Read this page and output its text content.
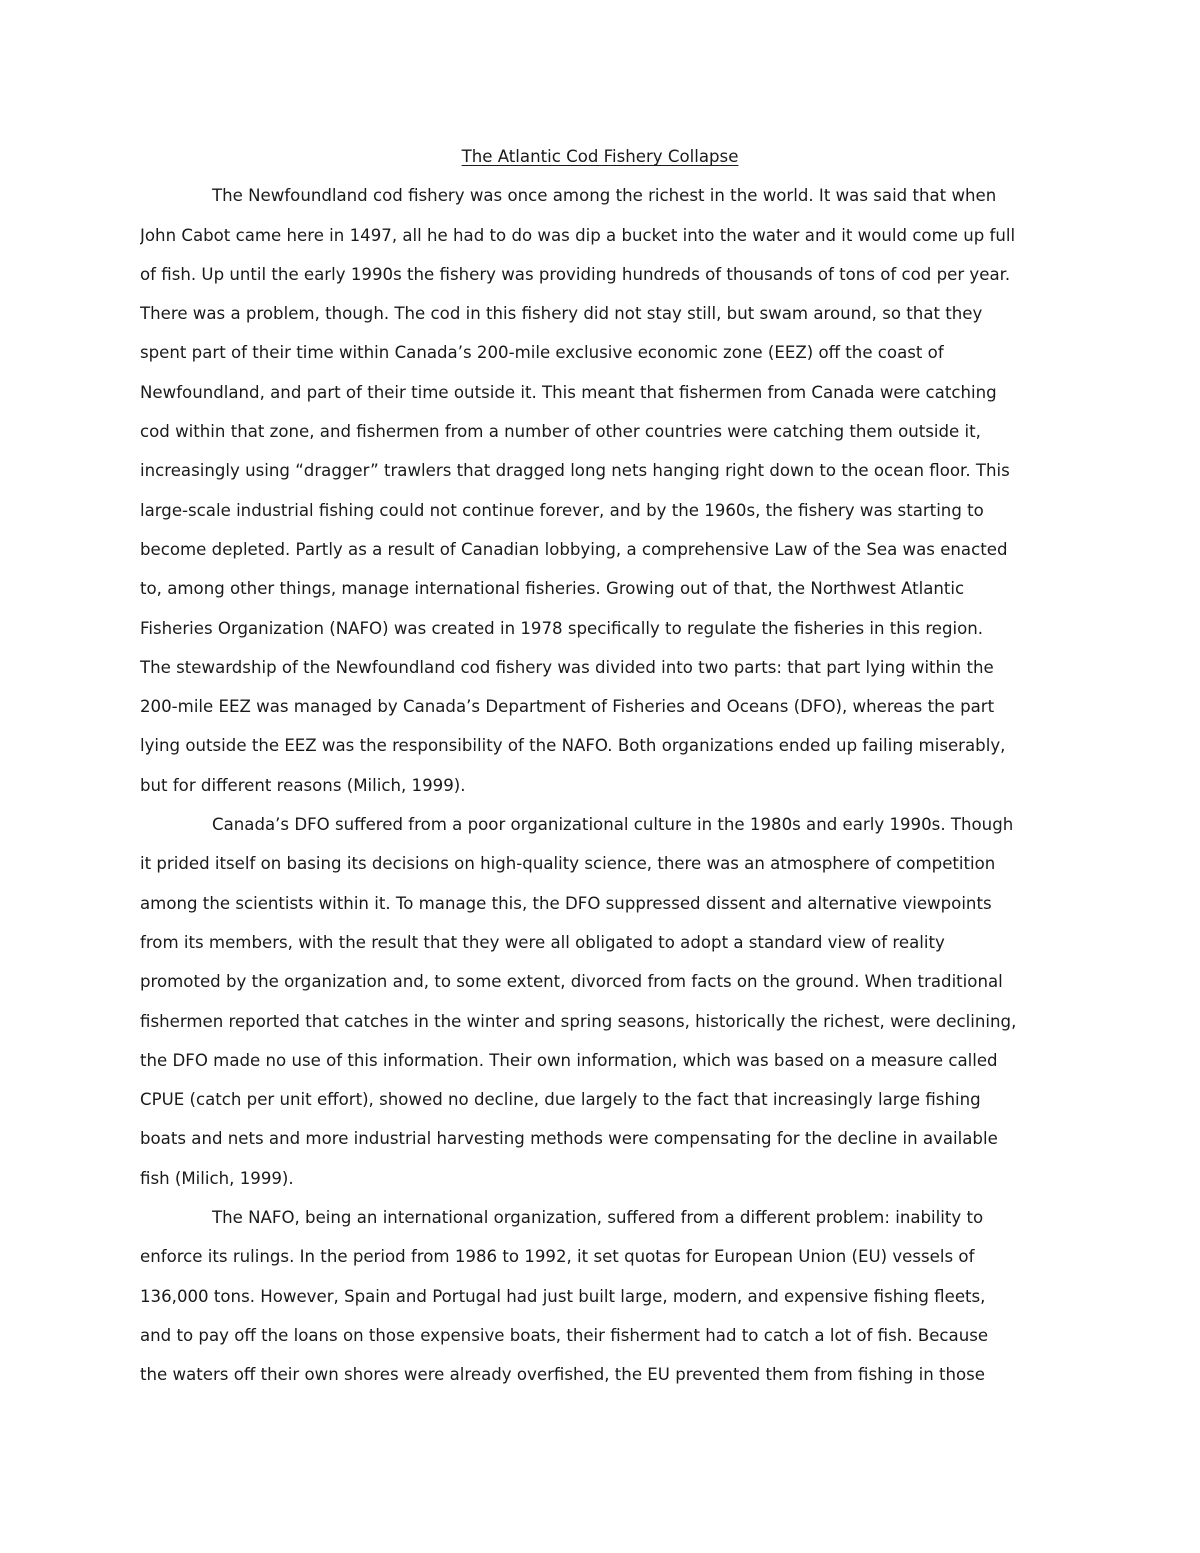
The Atlantic Cod Fishery Collapse
The Newfoundland cod fishery was once among the richest in the world. It was said that when
John Cabot came here in 1497, all he had to do was dip a bucket into the water and it would come up full
of fish. Up until the early 1990s the fishery was providing hundreds of thousands of tons of cod per year.
There was a problem, though. The cod in this fishery did not stay still, but swam around, so that they
spent part of their time within Canada’s 200-mile exclusive economic zone (EEZ) off the coast of
Newfoundland, and part of their time outside it. This meant that fishermen from Canada were catching
cod within that zone, and fishermen from a number of other countries were catching them outside it,
increasingly using “dragger” trawlers that dragged long nets hanging right down to the ocean floor. This
large-scale industrial fishing could not continue forever, and by the 1960s, the fishery was starting to
become depleted. Partly as a result of Canadian lobbying, a comprehensive Law of the Sea was enacted
to, among other things, manage international fisheries. Growing out of that, the Northwest Atlantic
Fisheries Organization (NAFO) was created in 1978 specifically to regulate the fisheries in this region.
The stewardship of the Newfoundland cod fishery was divided into two parts: that part lying within the
200-mile EEZ was managed by Canada’s Department of Fisheries and Oceans (DFO), whereas the part
lying outside the EEZ was the responsibility of the NAFO. Both organizations ended up failing miserably,
but for different reasons (Milich, 1999).
Canada’s DFO suffered from a poor organizational culture in the 1980s and early 1990s. Though
it prided itself on basing its decisions on high-quality science, there was an atmosphere of competition
among the scientists within it. To manage this, the DFO suppressed dissent and alternative viewpoints
from its members, with the result that they were all obligated to adopt a standard view of reality
promoted by the organization and, to some extent, divorced from facts on the ground. When traditional
fishermen reported that catches in the winter and spring seasons, historically the richest, were declining,
the DFO made no use of this information. Their own information, which was based on a measure called
CPUE (catch per unit effort), showed no decline, due largely to the fact that increasingly large fishing
boats and nets and more industrial harvesting methods were compensating for the decline in available
fish (Milich, 1999).
The NAFO, being an international organization, suffered from a different problem: inability to
enforce its rulings. In the period from 1986 to 1992, it set quotas for European Union (EU) vessels of
136,000 tons. However, Spain and Portugal had just built large, modern, and expensive fishing fleets,
and to pay off the loans on those expensive boats, their fisherment had to catch a lot of fish. Because
the waters off their own shores were already overfished, the EU prevented them from fishing in those
